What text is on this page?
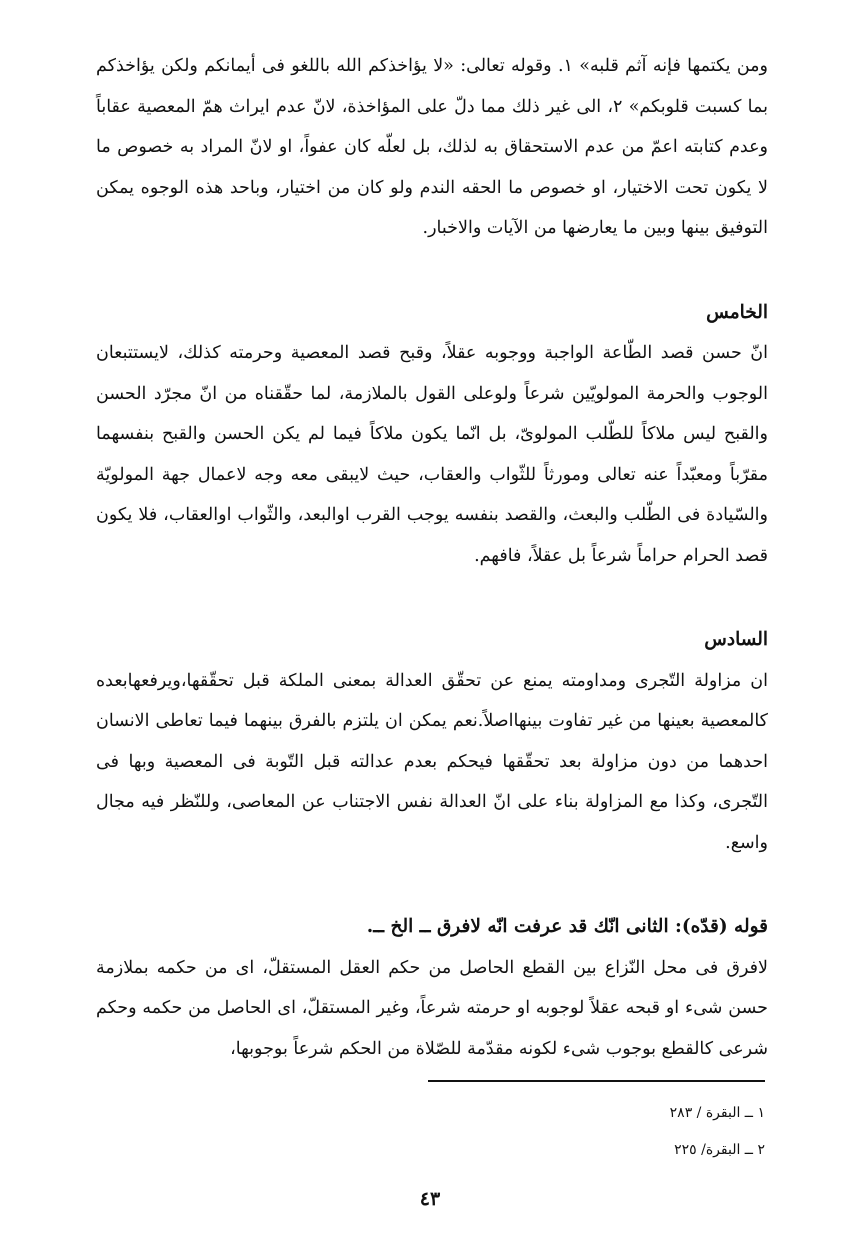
ومن يكتمها فإنه آثم قلبه» ١. وقوله تعالى: «لا يؤاخذكم الله باللغو فى أيمانكم ولكن يؤاخذكم بما كسبت قلوبكم» ٢، الى غير ذلك مما دلّ على المؤاخذة، لانّ عدم ايراث همّ المعصية عقاباً وعدم كتابته اعمّ من عدم الاستحقاق به لذلك، بل لعلّه كان عفواً، او لانّ المراد به خصوص ما لا يكون تحت الاختيار، او خصوص ما الحقه الندم ولو كان من اختيار، وباحد هذه الوجوه يمكن التوفيق بينها وبين ما يعارضها من الآيات والاخبار.

الخامس

انّ حسن قصد الطّاعة الواجبة ووجوبه عقلاً، وقبح قصد المعصية وحرمته كذلك، لايستتبعان الوجوب والحرمة المولويّين شرعاً ولوعلى القول بالملازمة، لما حقّقناه من انّ مجرّد الحسن والقبح ليس ملاكاً للطّلب المولوىّ، بل انّما يكون ملاكاً فيما لم يكن الحسن والقبح بنفسهما مقرّباً ومعبّداً عنه تعالى ومورثاً للثّواب والعقاب، حيث لايبقى معه وجه لاعمال جهة المولويّة والسّيادة فى الطّلب والبعث، والقصد بنفسه يوجب القرب اوالبعد، والثّواب اوالعقاب، فلا يكون قصد الحرام حراماً شرعاً بل عقلاً، فافهم.

السادس

ان مزاولة التّجرى ومداومته يمنع عن تحقّق العدالة بمعنى الملكة قبل تحقّقها،ويرفعهابعده كالمعصية بعينها من غير تفاوت بينهااصلاً.نعم يمكن ان يلتزم بالفرق بينهما فيما تعاطى الانسان احدهما من دون مزاولة بعد تحقّقها فيحكم بعدم عدالته قبل التّوبة فى المعصية وبها فى التّجرى، وكذا مع المزاولة بناء على انّ العدالة نفس الاجتناب عن المعاصى، وللنّظر فيه مجال واسع.

قوله (قدّه): الثانى انّك قد عرفت انّه لافرق ــ الخ ــ.

لافرق فى محل النّزاع بين القطع الحاصل من حكم العقل المستقلّ، اى من حكمه بملازمة حسن شىء او قبحه عقلاً لوجوبه او حرمته شرعاً، وغير المستقلّ، اى الحاصل من حكمه وحكم شرعى كالقطع بوجوب شىء لكونه مقدّمة للصّلاة من الحكم شرعاً بوجوبها،

١ ــ البقرة / ٢٨٣

٢ ــ البقرة/ ٢٢٥

٤٣
